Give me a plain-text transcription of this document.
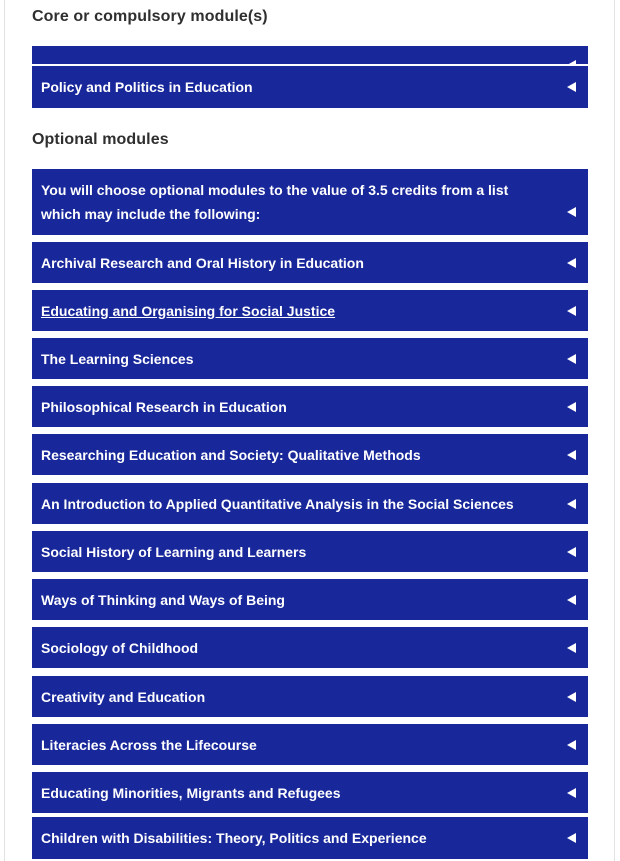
Core or compulsory module(s)
Policy and Politics in Education
Optional modules
You will choose optional modules to the value of 3.5 credits from a list which may include the following:
Archival Research and Oral History in Education
Educating and Organising for Social Justice
The Learning Sciences
Philosophical Research in Education
Researching Education and Society: Qualitative Methods
An Introduction to Applied Quantitative Analysis in the Social Sciences
Social History of Learning and Learners
Ways of Thinking and Ways of Being
Sociology of Childhood
Creativity and Education
Literacies Across the Lifecourse
Educating Minorities, Migrants and Refugees
Children with Disabilities: Theory, Politics and Experience
